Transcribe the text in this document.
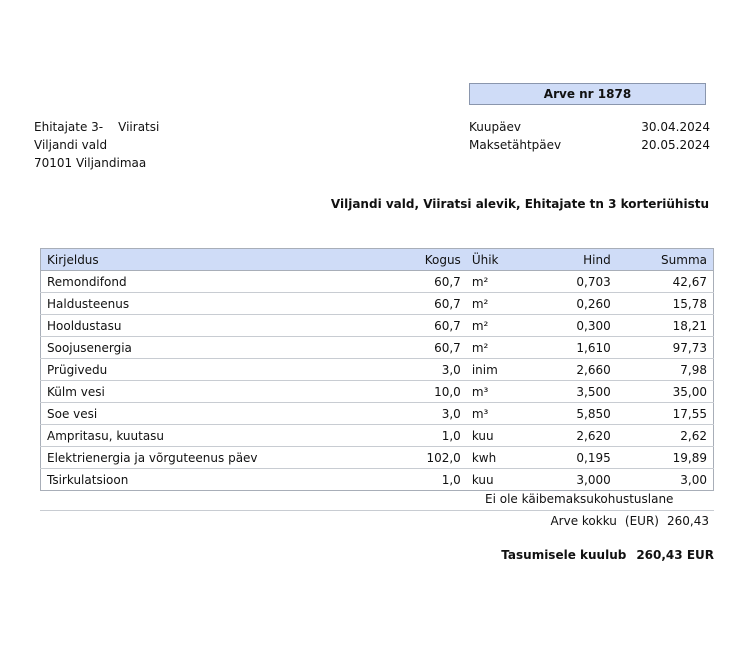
Arve nr 1878
Ehitajate 3- Viiratsi
Viljandi vald
70101 Viljandimaa
Kuupäev	30.04.2024
Maksetähtpäev	20.05.2024
Viljandi vald, Viiratsi alevik, Ehitajate tn 3 korteriühistu
Kirjeldus	Kogus	Ühik	Hind	Summa
Remondifond	60,7	m²	0,703	42,67
Haldusteenus	60,7	m²	0,260	15,78
Hooldustasu	60,7	m²	0,300	18,21
Soojusenergia	60,7	m²	1,610	97,73
Prügivedu	3,0	inim	2,660	7,98
Külm vesi	10,0	m³	3,500	35,00
Soe vesi	3,0	m³	5,850	17,55
Ampritasu, kuutasu	1,0	kuu	2,620	2,62
Elektrienergia ja võrguteenus päev	102,0	kwh	0,195	19,89
Tsirkulatsioon	1,0	kuu	3,000	3,00
Ei ole käibemaksukohustuslane
Arve kokku (EUR) 260,43
Tasumisele kuulub 260,43 EUR
